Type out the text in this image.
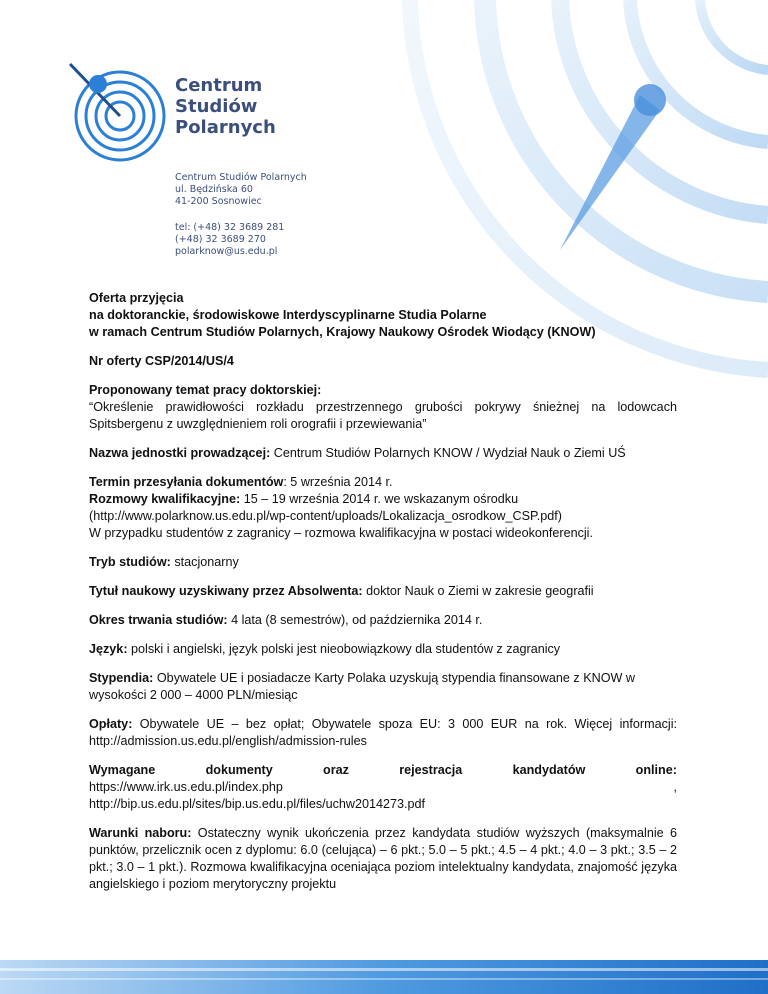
Centrum
Studiów
Polarnych
Centrum Studiów Polarnych
ul. Będzińska 60
41-200 Sosnowiec
tel: (+48) 32 3689 281
(+48) 32 3689 270
polarknow@us.edu.pl
Oferta przyjęcia
na doktoranckie, środowiskowe Interdyscyplinarne Studia Polarne
w ramach Centrum Studiów Polarnych, Krajowy Naukowy Ośrodek Wiodący (KNOW)
Nr oferty CSP/2014/US/4
Proponowany temat pracy doktorskiej:
“Określenie prawidłowości rozkładu przestrzennego grubości pokrywy śnieżnej na lodowcach Spitsbergenu z uwzględnieniem roli orografii i przewiewania”
Nazwa jednostki prowadzącej: Centrum Studiów Polarnych KNOW / Wydział Nauk o Ziemi UŚ
Termin przesyłania dokumentów: 5 września 2014 r.
Rozmowy kwalifikacyjne: 15 – 19 września 2014 r. we wskazanym ośrodku
(http://www.polarknow.us.edu.pl/wp-content/uploads/Lokalizacja_osrodkow_CSP.pdf)
W przypadku studentów z zagranicy – rozmowa kwalifikacyjna w postaci wideokonferencji.
Tryb studiów: stacjonarny
Tytuł naukowy uzyskiwany przez Absolwenta: doktor Nauk o Ziemi w zakresie geografii
Okres trwania studiów: 4 lata (8 semestrów), od października 2014 r.
Język: polski i angielski, język polski jest nieobowiązkowy dla studentów z zagranicy
Stypendia: Obywatele UE i posiadacze Karty Polaka uzyskują stypendia finansowane z KNOW w wysokości 2 000 – 4000 PLN/miesiąc
Opłaty: Obywatele UE – bez opłat; Obywatele spoza EU: 3 000 EUR na rok. Więcej informacji: http://admission.us.edu.pl/english/admission-rules
Wymagane	dokumenty	oraz	rejestracja	kandydatów	online:
https://www.irk.us.edu.pl/index.php	,
http://bip.us.edu.pl/sites/bip.us.edu.pl/files/uchw2014273.pdf
Warunki naboru: Ostateczny wynik ukończenia przez kandydata studiów wyższych (maksymalnie 6 punktów, przelicznik ocen z dyplomu: 6.0 (celująca) – 6 pkt.; 5.0 – 5 pkt.; 4.5 – 4 pkt.; 4.0 – 3 pkt.; 3.5 – 2 pkt.; 3.0 – 1 pkt.). Rozmowa kwalifikacyjna oceniająca poziom intelektualny kandydata, znajomość języka angielskiego i poziom merytoryczny projektu
